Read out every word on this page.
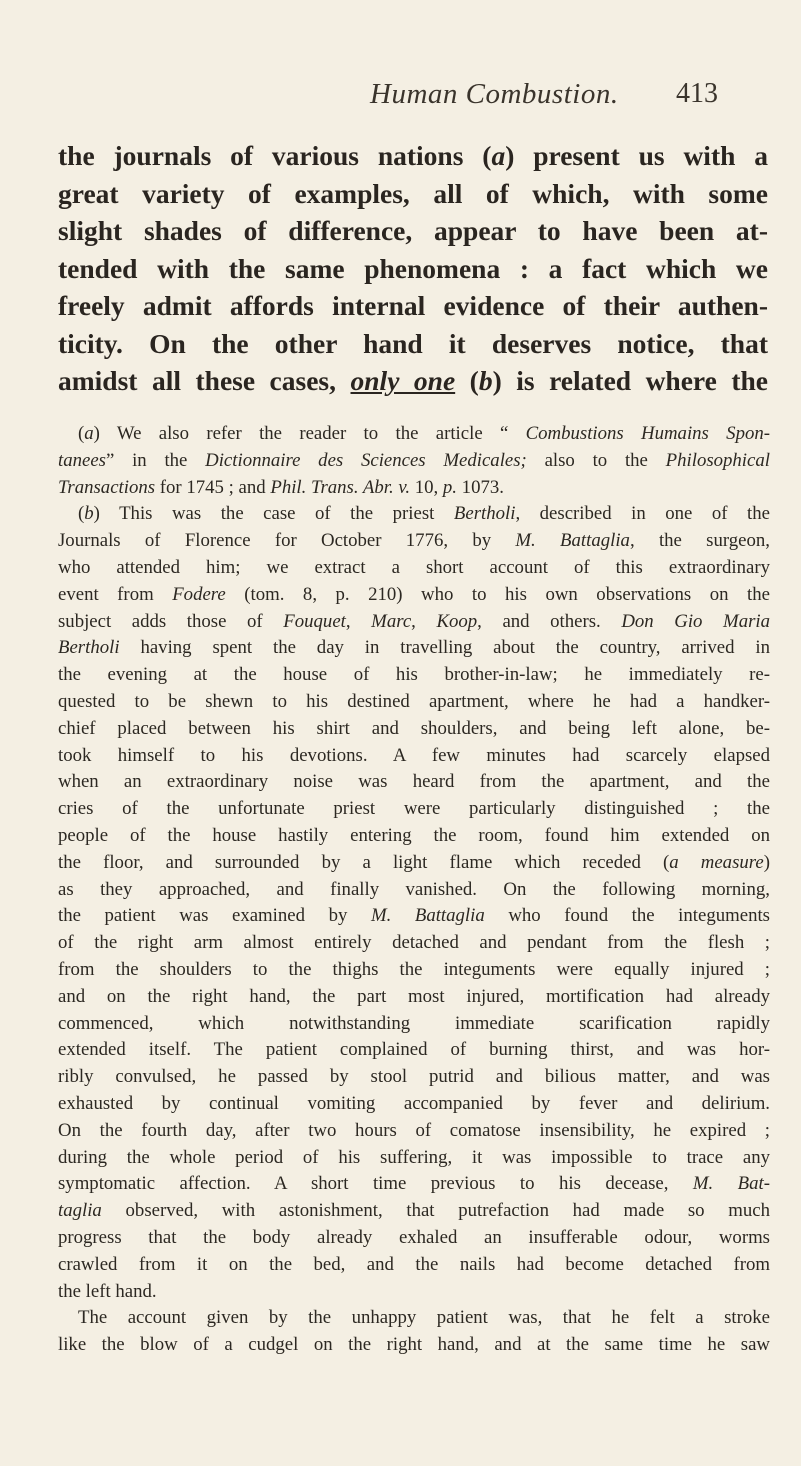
Human Combustion. 413
the journals of various nations (a) present us with a
great variety of examples, all of which, with some
slight shades of difference, appear to have been at-
tended with the same phenomena : a fact which we
freely admit affords internal evidence of their authen-
ticity. On the other hand it deserves notice, that
amidst all these cases, only one (b) is related where the
(a) We also refer the reader to the article “ Combustions Humains Spon-
tanees” in the Dictionnaire des Sciences Medicales; also to the Philosophical
Transactions for 1745 ; and Phil. Trans. Abr. v. 10, p. 1073.
(b) This was the case of the priest Bertholi, described in one of the
Journals of Florence for October 1776, by M. Battaglia, the surgeon,
who attended him; we extract a short account of this extraordinary
event from Fodere (tom. 8, p. 210) who to his own observations on the
subject adds those of Fouquet, Marc, Koop, and others. Don Gio Maria
Bertholi having spent the day in travelling about the country, arrived in
the evening at the house of his brother-in-law; he immediately re-
quested to be shewn to his destined apartment, where he had a handker-
chief placed between his shirt and shoulders, and being left alone, be-
took himself to his devotions. A few minutes had scarcely elapsed
when an extraordinary noise was heard from the apartment, and the
cries of the unfortunate priest were particularly distinguished ; the
people of the house hastily entering the room, found him extended on
the floor, and surrounded by a light flame which receded (a measure)
as they approached, and finally vanished. On the following morning,
the patient was examined by M. Battaglia who found the integuments
of the right arm almost entirely detached and pendant from the flesh ;
from the shoulders to the thighs the integuments were equally injured ;
and on the right hand, the part most injured, mortification had already
commenced, which notwithstanding immediate scarification rapidly
extended itself. The patient complained of burning thirst, and was hor-
ribly convulsed, he passed by stool putrid and bilious matter, and was
exhausted by continual vomiting accompanied by fever and delirium.
On the fourth day, after two hours of comatose insensibility, he expired ;
during the whole period of his suffering, it was impossible to trace any
symptomatic affection. A short time previous to his decease, M. Bat-
taglia observed, with astonishment, that putrefaction had made so much
progress that the body already exhaled an insufferable odour, worms
crawled from it on the bed, and the nails had become detached from
the left hand.
The account given by the unhappy patient was, that he felt a stroke
like the blow of a cudgel on the right hand, and at the same time he saw
